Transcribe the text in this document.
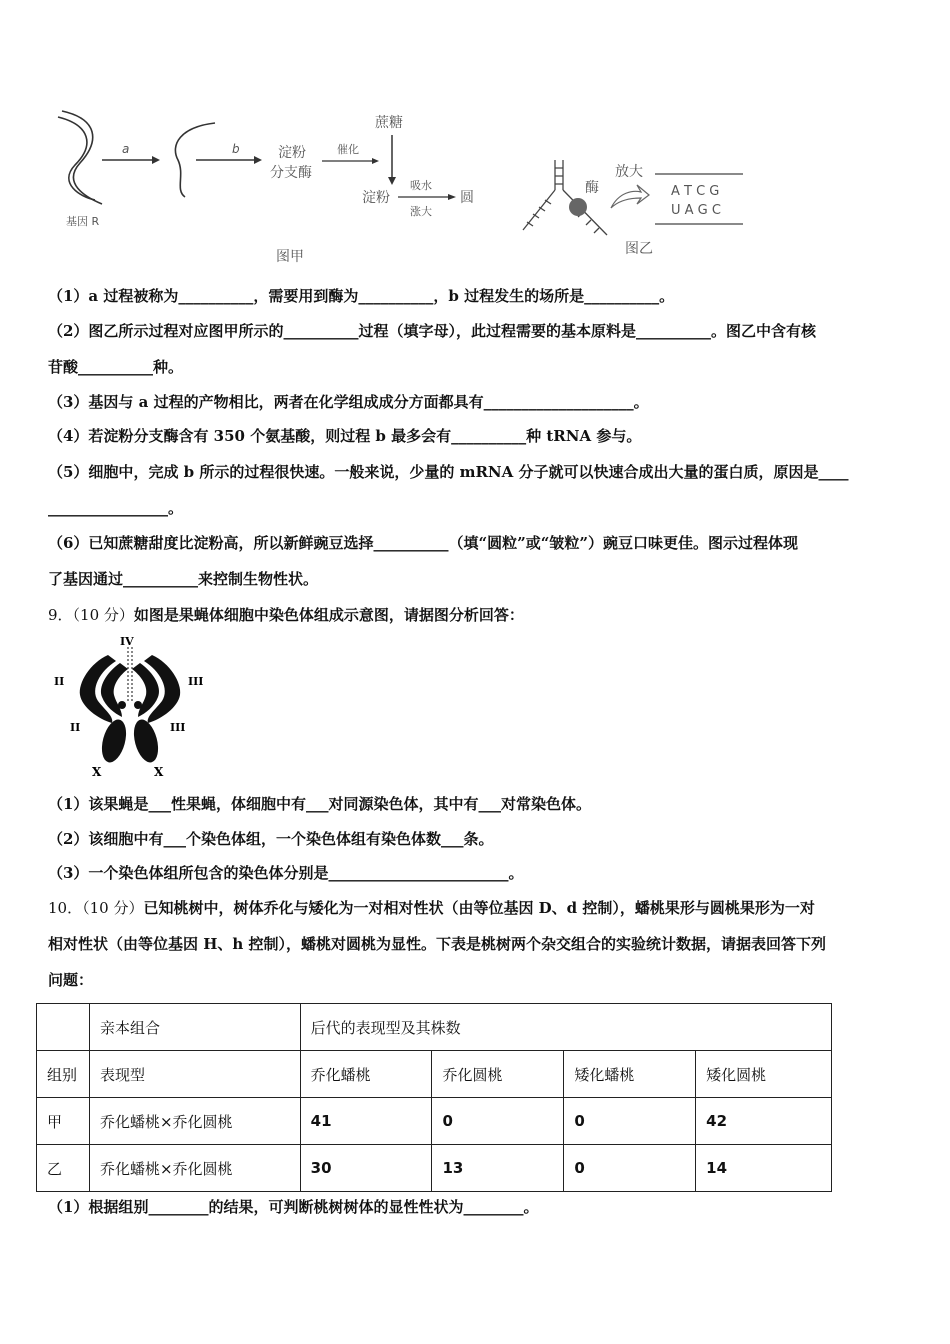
基因 R
a	b	淀粉
分支酶
催化
蔗糖
淀粉
吸水
涨大
圆
图甲
酶
放大
A T C G
U A G C
图乙
（1）a 过程被称为__________，需要用到酶为__________，b 过程发生的场所是__________。
（2）图乙所示过程对应图甲所示的__________过程（填字母），此过程需要的基本原料是__________。图乙中含有核
苷酸__________种。
（3）基因与 a 过程的产物相比，两者在化学组成成分方面都具有____________________。
（4）若淀粉分支酶含有 350 个氨基酸，则过程 b 最多会有__________种 tRNA 参与。
（5）细胞中，完成 b 所示的过程很快速。一般来说，少量的 mRNA 分子就可以快速合成出大量的蛋白质，原因是____
________________。
（6）已知蔗糖甜度比淀粉高，所以新鲜豌豆选择__________（填“圆粒”或“皱粒”）豌豆口味更佳。图示过程体现
了基因通过__________来控制生物性状。
9．（10 分）如图是果蝇体细胞中染色体组成示意图，请据图分析回答：
IV
II	III
II	III
X	X
（1）该果蝇是___性果蝇，体细胞中有___对同源染色体，其中有___对常染色体。
（2）该细胞中有___个染色体组，一个染色体组有染色体数___条。
（3）一个染色体组所包含的染色体分别是________________________。
10．（10 分）已知桃树中，树体乔化与矮化为一对相对性状（由等位基因 D、d 控制），蟠桃果形与圆桃果形为一对
相对性状（由等位基因 H、h 控制），蟠桃对圆桃为显性。下表是桃树两个杂交组合的实验统计数据，请据表回答下列
问题：
	亲本组合	后代的表现型及其株数			
组别	表现型	乔化蟠桃	乔化圆桃	矮化蟠桃	矮化圆桃
甲	乔化蟠桃×乔化圆桃	41	0	0	42
乙	乔化蟠桃×乔化圆桃	30	13	0	14
（1）根据组别________的结果，可判断桃树树体的显性性状为________。
